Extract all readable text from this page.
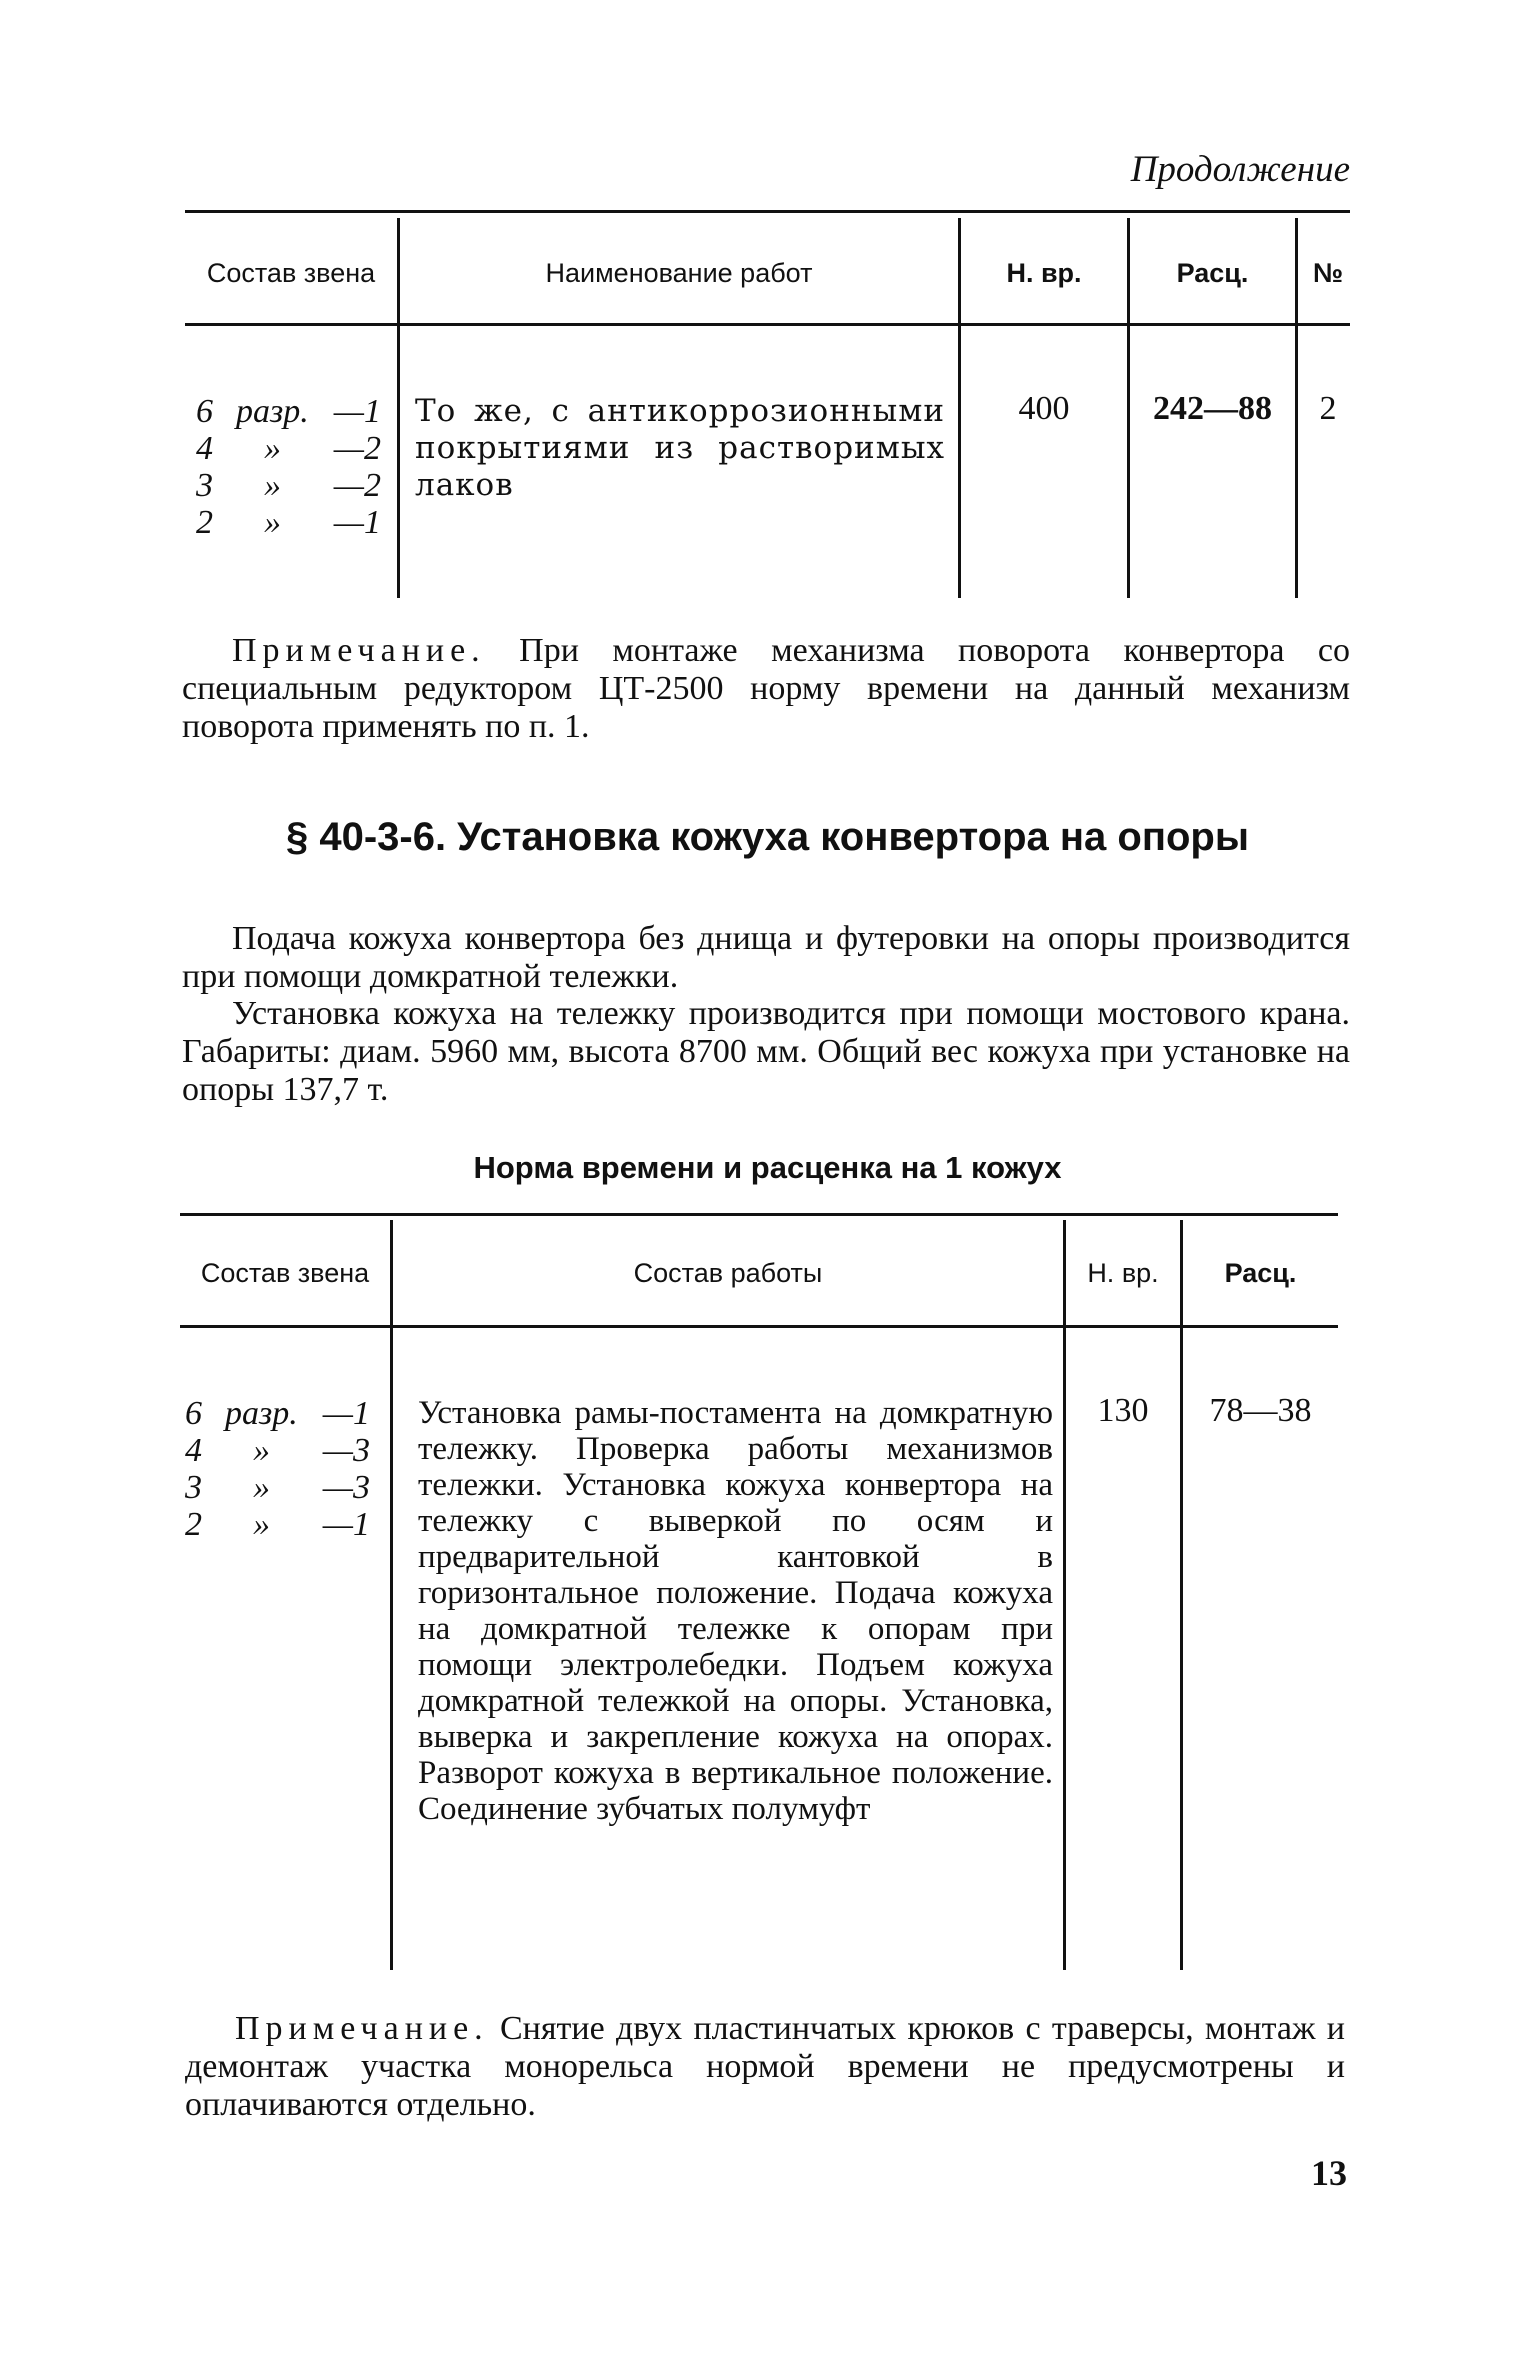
Продолжение
Состав звена	Наименование работ	Н. вр.	Расц.	№
6 разр. —1
4	»	—2
3	»	—2
2	»	—1
То же, с антикоррозионными покрытиями из растворимых лаков
400	242—88	2
Примечание. При монтаже механизма поворота конвертора со специальным редуктором ЦТ-2500 норму времени на данный механизм поворота применять по п. 1.
§ 40-3-6. Установка кожуха конвертора на опоры
Подача кожуха конвертора без днища и футеровки на опоры производится при помощи домкратной тележки.
Установка кожуха на тележку производится при помощи мостового крана. Габариты: диам. 5960 мм, высота 8700 мм. Общий вес кожуха при установке на опоры 137,7 т.
Норма времени и расценка на 1 кожух
Состав звена	Состав работы	Н. вр.	Расц.
6 разр. —1
4	»	—3
3	»	—3
2	»	—1
Установка рамы-постамента на домкратную тележку. Проверка работы механизмов тележки. Установка кожуха конвертора на тележку с выверкой по осям и предварительной кантовкой в горизонтальное положение. Подача кожуха на домкратной тележке к опорам при помощи электролебедки. Подъем кожуха домкратной тележкой на опоры. Установка, выверка и закрепление кожуха на опорах. Разворот кожуха в вертикальное положение. Соединение зубчатых полумуфт
130	78—38
Примечание. Снятие двух пластинчатых крюков с траверсы, монтаж и демонтаж участка монорельса нормой времени не предусмотрены и оплачиваются отдельно.
13
